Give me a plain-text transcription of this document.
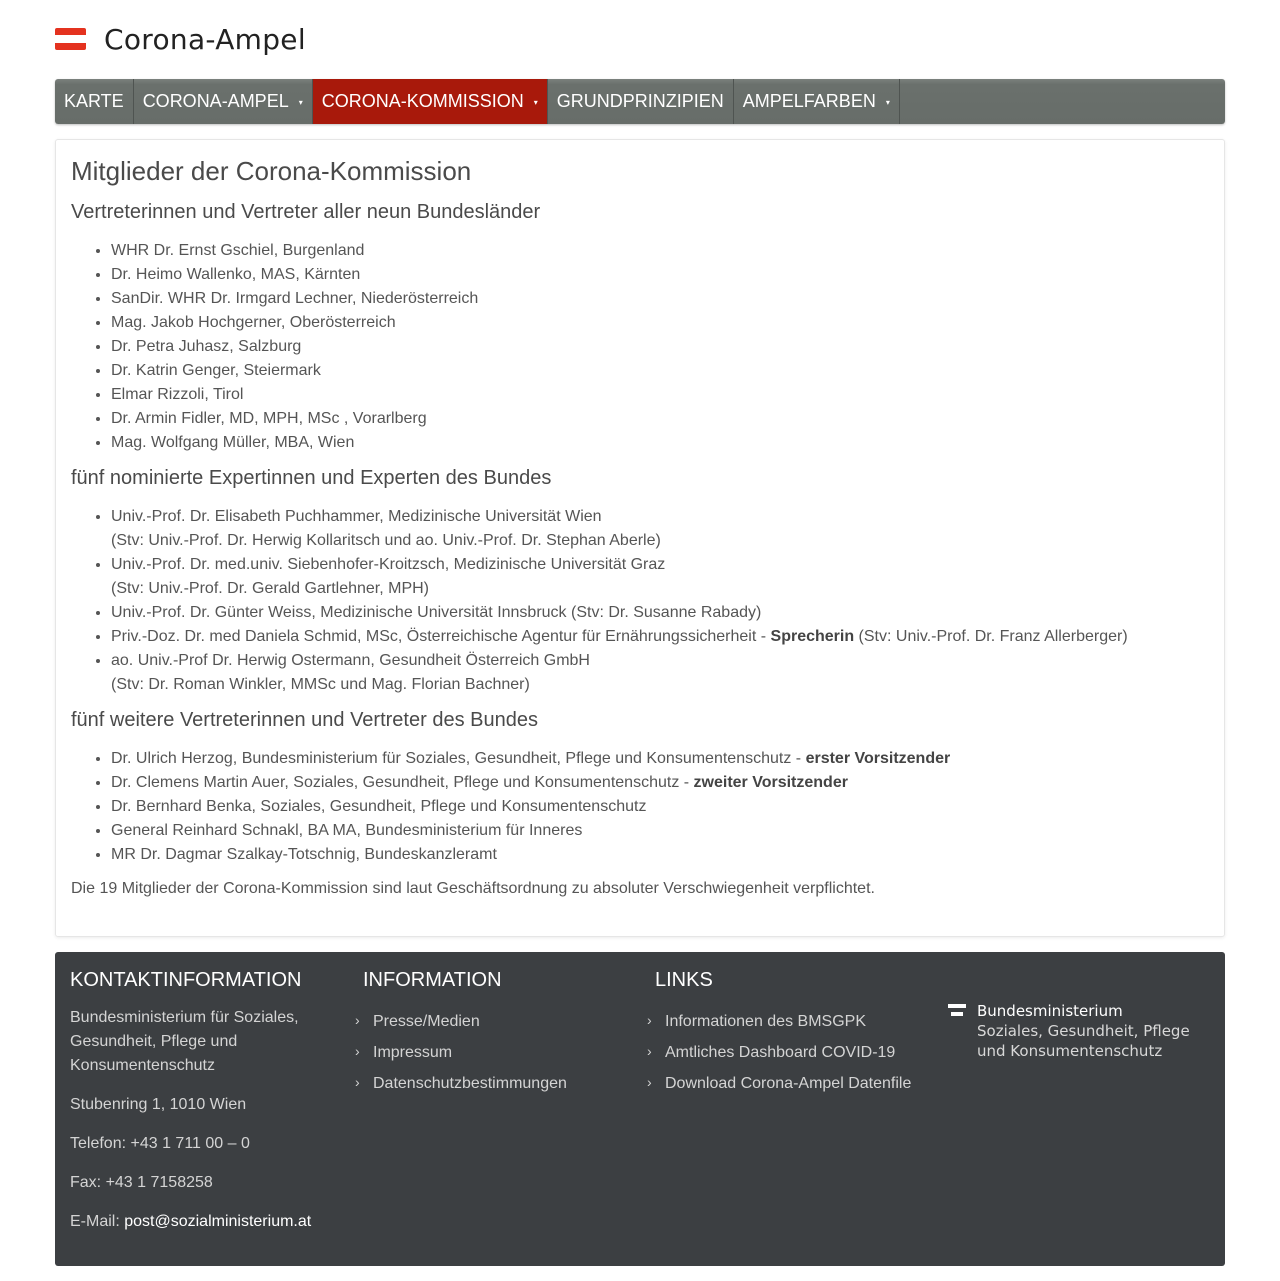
Corona-Ampel
KARTE CORONA-AMPEL ▾ CORONA-KOMMISSION ▾ GRUNDPRINZIPIEN AMPELFARBEN ▾
Mitglieder der Corona-Kommission
Vertreterinnen und Vertreter aller neun Bundesländer
• WHR Dr. Ernst Gschiel, Burgenland
• Dr. Heimo Wallenko, MAS, Kärnten
• SanDir. WHR Dr. Irmgard Lechner, Niederösterreich
• Mag. Jakob Hochgerner, Oberösterreich
• Dr. Petra Juhasz, Salzburg
• Dr. Katrin Genger, Steiermark
• Elmar Rizzoli, Tirol
• Dr. Armin Fidler, MD, MPH, MSc , Vorarlberg
• Mag. Wolfgang Müller, MBA, Wien
fünf nominierte Expertinnen und Experten des Bundes
• Univ.-Prof. Dr. Elisabeth Puchhammer, Medizinische Universität Wien
(Stv: Univ.-Prof. Dr. Herwig Kollaritsch und ao. Univ.-Prof. Dr. Stephan Aberle)
• Univ.-Prof. Dr. med.univ. Siebenhofer-Kroitzsch, Medizinische Universität Graz
(Stv: Univ.-Prof. Dr. Gerald Gartlehner, MPH)
• Univ.-Prof. Dr. Günter Weiss, Medizinische Universität Innsbruck (Stv: Dr. Susanne Rabady)
• Priv.-Doz. Dr. med Daniela Schmid, MSc, Österreichische Agentur für Ernährungssicherheit - Sprecherin (Stv: Univ.-Prof. Dr. Franz Allerberger)
• ao. Univ.-Prof Dr. Herwig Ostermann, Gesundheit Österreich GmbH
(Stv: Dr. Roman Winkler, MMSc und Mag. Florian Bachner)
fünf weitere Vertreterinnen und Vertreter des Bundes
• Dr. Ulrich Herzog, Bundesministerium für Soziales, Gesundheit, Pflege und Konsumentenschutz - erster Vorsitzender
• Dr. Clemens Martin Auer, Soziales, Gesundheit, Pflege und Konsumentenschutz - zweiter Vorsitzender
• Dr. Bernhard Benka, Soziales, Gesundheit, Pflege und Konsumentenschutz
• General Reinhard Schnakl, BA MA, Bundesministerium für Inneres
• MR Dr. Dagmar Szalkay-Totschnig, Bundeskanzleramt

Die 19 Mitglieder der Corona-Kommission sind laut Geschäftsordnung zu absoluter Verschwiegenheit verpflichtet.

KONTAKTINFORMATION

Bundesministerium für Soziales, Gesundheit, Pflege und Konsumentenschutz

Stubenring 1, 1010 Wien

Telefon: +43 1 711 00 – 0

Fax: +43 1 7158258

E-Mail: post@sozialministerium.at

INFORMATION
› Presse/Medien
› Impressum
› Datenschutzbestimmungen
LINKS
› Informationen des BMSGPK
› Amtliches Dashboard COVID-19
› Download Corona-Ampel Datenfile
Bundesministerium
Soziales, Gesundheit, Pflege
und Konsumentenschutz
